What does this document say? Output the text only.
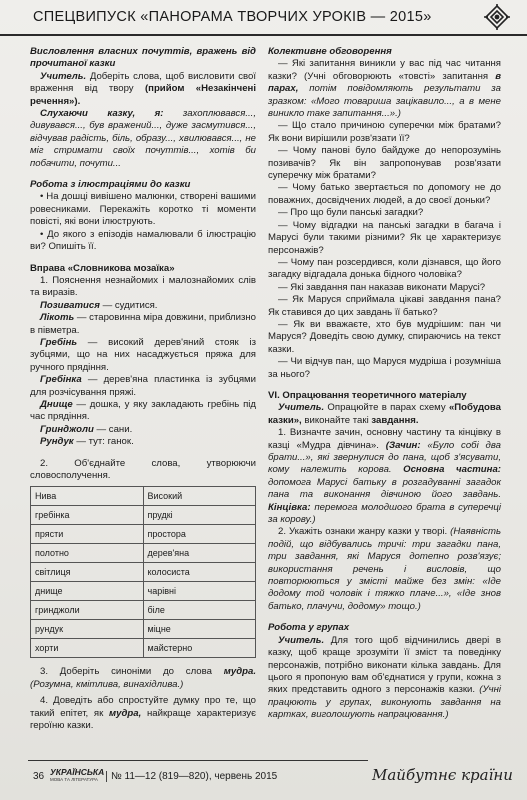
СПЕЦВИПУСК «ПАНОРАМА ТВОРЧИХ УРОКІВ — 2015»

Висловлення власних почуттів, вражень від прочитаної казки

Учитель. Доберіть слова, щоб висловити свої враження від твору (прийом «Незакінчені речення»).

Слухаючи казку, я: захоплювався..., дивувався..., був вражений..., дуже засмутився..., відчував радість, біль, образу..., хвилювався..., не міг стримати своїх почуттів..., хотів би побачити, почути...

Робота з ілюстраціями до казки

• На дошці вивішено малюнки, створені вашими ровесниками. Перекажіть коротко ті моменти повісті, які вони ілюструють.

• До якого з епізодів намалювали б ілюстрацію ви? Опишіть її.

Вправа «Словникова мозаїка»

1. Пояснення незнайомих і малознайомих слів та виразів.

Позиватися — судитися.

Лікоть — старовинна міра довжини, приблизно в півметра.

Гребінь — високий дерев'яний стояк із зубцями, що на них насаджується пряжа для ручного прядіння.

Гребінка — дерев'яна пластинка із зубцями для розчісування пряжі.

Днище — дошка, у яку закладають гребінь під час прядіння.

Гринджоли — сани.

Рундук — тут: ганок.

2. Об'єднайте слова, утворюючи словосполучення.

Нива	Високий
гребінка	прудкі
прясти	простора
полотно	дерев'яна
світлиця	колосиста
днище	чарівні
гринджоли	біле
рундук	міцне
хорти	майстерно

3. Доберіть синоніми до слова мудра. (Розумна, кмітлива, винахідлива.)

4. Доведіть або спростуйте думку про те, що такий епітет, як мудра, найкраще характеризує героїню казки.

Колективне обговорення

— Які запитання виникли у вас під час читання казки? (Учні обговорюють «товсті» запитання в парах, потім повідомляють результати за зразком: «Мого товариша зацікавило..., а в мене виникло таке запитання...».)

— Що стало причиною суперечки між братами? Як вони вирішили розв'язати її?

— Чому панові було байдуже до непорозумінь позивачів? Як він запропонував розв'язати суперечку між братами?

— Чому батько звертається по допомогу не до поважних, досвідчених людей, а до своєї доньки?

— Про що були панські загадки?

— Чому відгадки на панські загадки в багача і Марусі були такими різними? Як це характеризує персонажів?

— Чому пан розсердився, коли дізнався, що його загадку відгадала донька бідного чоловіка?

— Які завдання пан наказав виконати Марусі?

— Як Маруся сприймала цікаві завдання пана? Як ставився до цих завдань її батько?

— Як ви вважаєте, хто був мудрішим: пан чи Маруся? Доведіть свою думку, спираючись на текст казки.

— Чи відчув пан, що Маруся мудріша і розумніша за нього?

VI. Опрацювання теоретичного матеріалу

Учитель. Опрацюйте в парах схему «Побудова казки», виконайте такі завдання.

1. Визначте зачин, основну частину та кінцівку в казці «Мудра дівчина». (Зачин: «Було собі два брати...», які звернулися до пана, щоб з'ясувати, кому належить корова. Основна частина: допомога Марусі батьку в розгадуванні загадок пана та виконання дівчиною його завдань. Кінцівка: перемога молодшого брата в суперечці за корову.)

2. Укажіть ознаки жанру казки у творі. (Наявність подій, що відбувались тричі: три загадки пана, три завдання, які Маруся дотепно розв'язує; використання речень і висловів, що повторюються у змісті майже без змін: «Іде додому той чоловік і тяжко плаче...», «Іде знов батько, плачучи, додому» тощо.)

Робота у групах

Учитель. Для того щоб відчинились двері в казку, щоб краще зрозуміти її зміст та поведінку персонажів, потрібно виконати кілька завдань. Для цього я пропоную вам об'єднатися у групи, кожна з яких представить одного з персонажів казки. (Учні працюють у групах, виконують завдання на картках, виголошують напрацювання.)

36 УКРАЇНСЬКА
МОВА ТА ЛІТЕРАТУРА	№ 11—12 (819—820), червень 2015	Майбутнє країни
